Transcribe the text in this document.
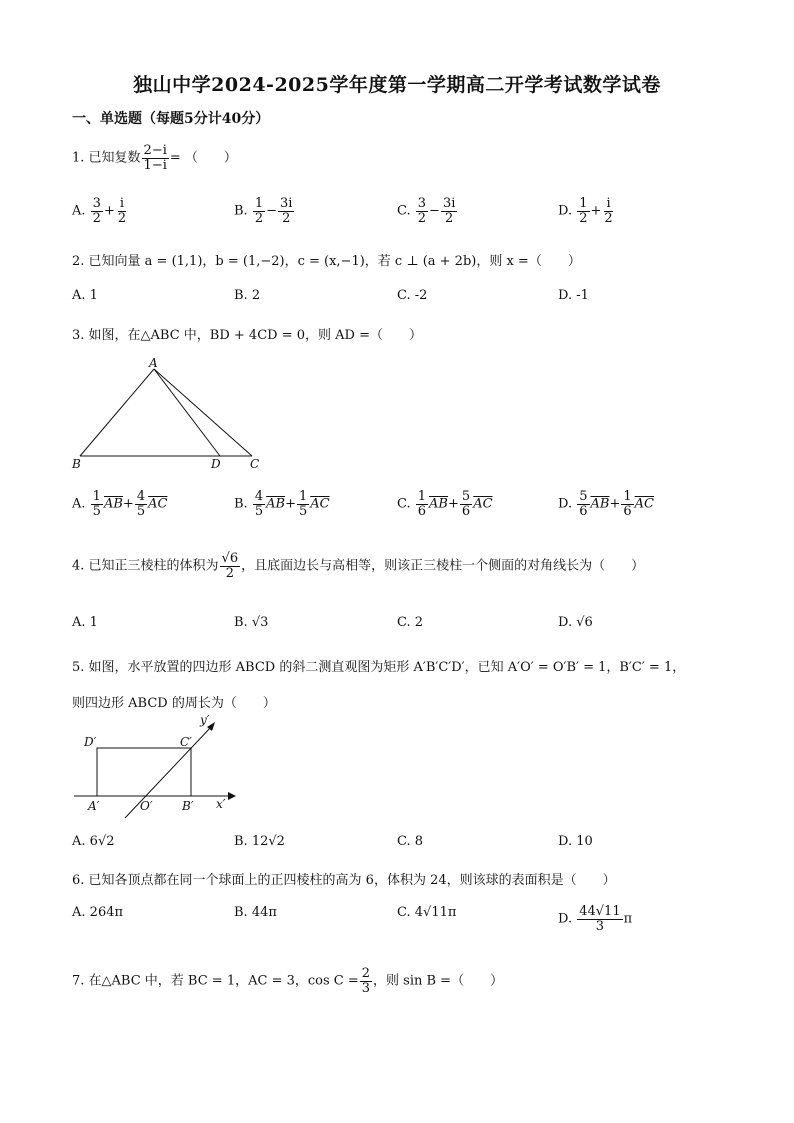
独山中学2024-2025学年度第一学期高二开学考试数学试卷
一、单选题（每题5分计40分）
1. 已知复数 $\frac{2-i}{1-i}$ = （　　）
A. $\frac{3}{2} + \frac{i}{2}$	B. $\frac{1}{2} - \frac{3i}{2}$	C. $\frac{3}{2} - \frac{3i}{2}$	D. $\frac{1}{2} + \frac{i}{2}$
2. 已知向量 a = (1,1)，b = (1,−2)，c = (x,−1)，若 c ⊥ (a + 2b)，则 x =（　　）
A. 1	B. 2	C. -2	D. -1
3. 如图，在△ABC 中，BD + 4CD = 0，则 AD =（　　）
A
B	D C
A. $\frac{1}{5} \overline{AB}+ \frac{4}{5} \overline{AC}$	B. $\frac{4}{5} \overline{AB}+ \frac{1}{5} \overline{AC}$	C. $\frac{1}{6} \overline{AB}+ \frac{5}{6} \overline{AC}$	D. $\frac{5}{6} \overline{AB}+ \frac{1}{6} \overline{AC}$
4. 已知正三棱柱的体积为 $\frac{√6}{2}$ ，且底面边长与高相等，则该正三棱柱一个侧面的对角线长为（　　）
A. 1	B. √3	C. 2	D. √6
5. 如图，水平放置的四边形 ABCD 的斜二测直观图为矩形 A′B′C′D′，已知 A′O′ = O′B′ = 1，B′C′ = 1，
则四边形 ABCD 的周长为（　　）
D′	C′
A′	O′ B′ x′
y′
A. 6√2	B. 12√2	C. 8	D. 10
6. 已知各顶点都在同一个球面上的正四棱柱的高为 6，体积为 24，则该球的表面积是（　　）
A. 264π	B. 44π	C. 4√11π	D. $\frac{44√11}{3}$ π
7. 在△ABC 中，若 BC = 1，AC = 3，$\cos C = \frac{2}{3}$ ，则 sin B =（　　）
